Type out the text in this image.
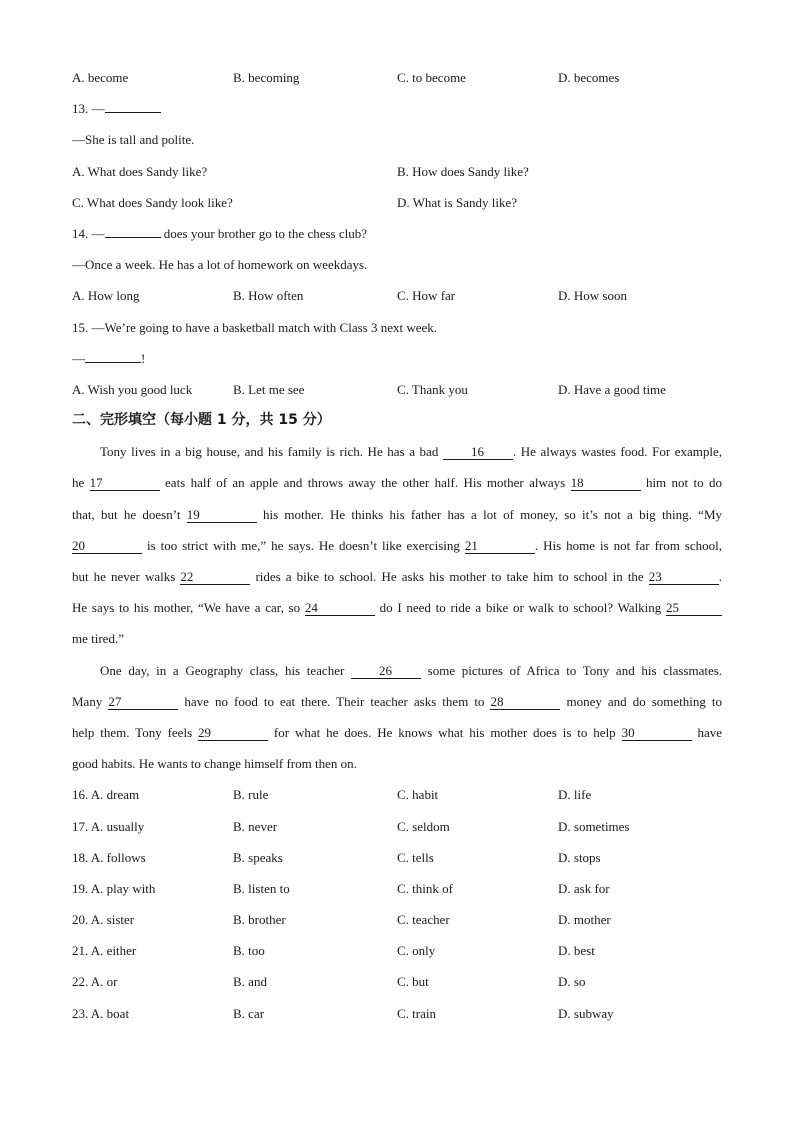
A. become	B. becoming	C. to become	D. becomes
13. —
—She is tall and polite.
A. What does Sandy like?	B. How does Sandy like?
C. What does Sandy look like?	D. What is Sandy like?
14. —	does your brother go to the chess club?
—Once a week. He has a lot of homework on weekdays.
A. How long	B. How often	C. How far	D. How soon
15. —We’re going to have a basketball match with Class 3 next week.
—	!
A. Wish you good luck	B. Let me see	C. Thank you	D. Have a good time
二、完形填空（每小题 1 分，共 15 分）
Tony lives in a big house, and his family is rich. He has a bad	16 . He always wastes food. For example,
he 17	eats half of an apple and throws away the other half. His mother always 18	him not to do
that, but he doesn’t 19	his mother. He thinks his father has a lot of money, so it’s not a big thing. “My
20	is too strict with me,” he says. He doesn’t like exercising 21	. His home is not far from school,
but he never walks 22	rides a bike to school. He asks his mother to take him to school in the 23	.
He says to his mother, “We have a car, so 24	do I need to ride a bike or walk to school? Walking 25
me tired.”
One day, in a Geography class, his teacher	26	some pictures of Africa to Tony and his classmates.
Many 27	have no food to eat there. Their teacher asks them to 28	money and do something to
help them. Tony feels 29	for what he does. He knows what his mother does is to help 30	have
good habits. He wants to change himself from then on.
16. A. dream	B. rule	C. habit	D. life
17. A. usually	B. never	C. seldom	D. sometimes
18. A. follows	B. speaks	C. tells	D. stops
19. A. play with	B. listen to	C. think of	D. ask for
20. A. sister	B. brother	C. teacher	D. mother
21. A. either	B. too	C. only	D. best
22. A. or	B. and	C. but	D. so
23. A. boat	B. car	C. train	D. subway
